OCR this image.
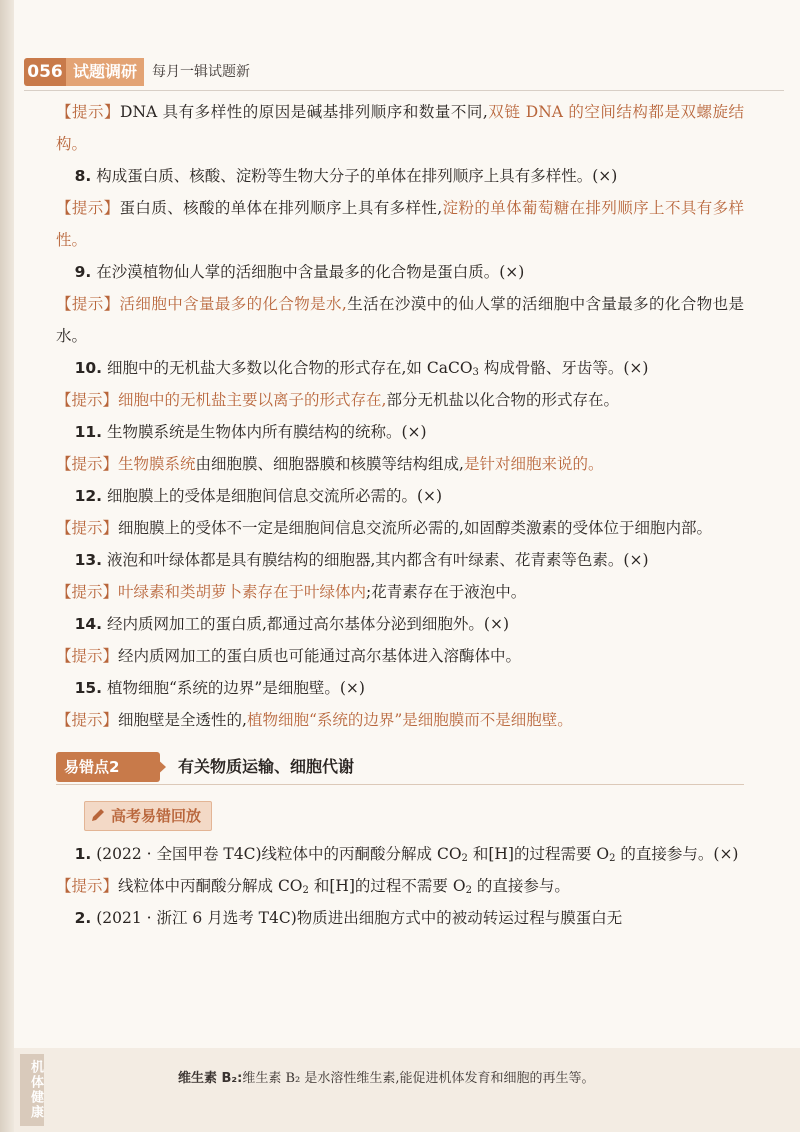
056 试题调研	每月一辑试题新

【提示】DNA 具有多样性的原因是碱基排列顺序和数量不同,双链 DNA 的空间结构都是双螺旋结构。

8. 构成蛋白质、核酸、淀粉等生物大分子的单体在排列顺序上具有多样性。(×)

【提示】蛋白质、核酸的单体在排列顺序上具有多样性,淀粉的单体葡萄糖在排列顺序上不具有多样性。

9. 在沙漠植物仙人掌的活细胞中含量最多的化合物是蛋白质。(×)

【提示】活细胞中含量最多的化合物是水,生活在沙漠中的仙人掌的活细胞中含量最多的化合物也是水。

10. 细胞中的无机盐大多数以化合物的形式存在,如 CaCO$_3$ 构成骨骼、牙齿等。(×)

【提示】细胞中的无机盐主要以离子的形式存在,部分无机盐以化合物的形式存在。

11. 生物膜系统是生物体内所有膜结构的统称。(×)

【提示】生物膜系统由细胞膜、细胞器膜和核膜等结构组成,是针对细胞来说的。

12. 细胞膜上的受体是细胞间信息交流所必需的。(×)

【提示】细胞膜上的受体不一定是细胞间信息交流所必需的,如固醇类激素的受体位于细胞内部。

13. 液泡和叶绿体都是具有膜结构的细胞器,其内都含有叶绿素、花青素等色素。(×)

【提示】叶绿素和类胡萝卜素存在于叶绿体内;花青素存在于液泡中。

14. 经内质网加工的蛋白质,都通过高尔基体分泌到细胞外。(×)

【提示】经内质网加工的蛋白质也可能通过高尔基体进入溶酶体中。

15. 植物细胞“系统的边界”是细胞壁。(×)

【提示】细胞壁是全透性的,植物细胞“系统的边界”是细胞膜而不是细胞壁。

易错点2	有关物质运输、细胞代谢
高考易错回放

1. (2022 · 全国甲卷 T4C)线粒体中的丙酮酸分解成 $CO_2$ 和[H]的过程需要 $O_2$ 的直接参与。(×)

【提示】线粒体中丙酮酸分解成 $CO_2$ 和[H]的过程不需要 $O_2$ 的直接参与。

2. (2021 · 浙江 6 月选考 T4C)物质进出细胞方式中的被动转运过程与膜蛋白无

机体健康	维生素 B₂:维生素 B₂ 是水溶性维生素,能促进机体发育和细胞的再生等。
